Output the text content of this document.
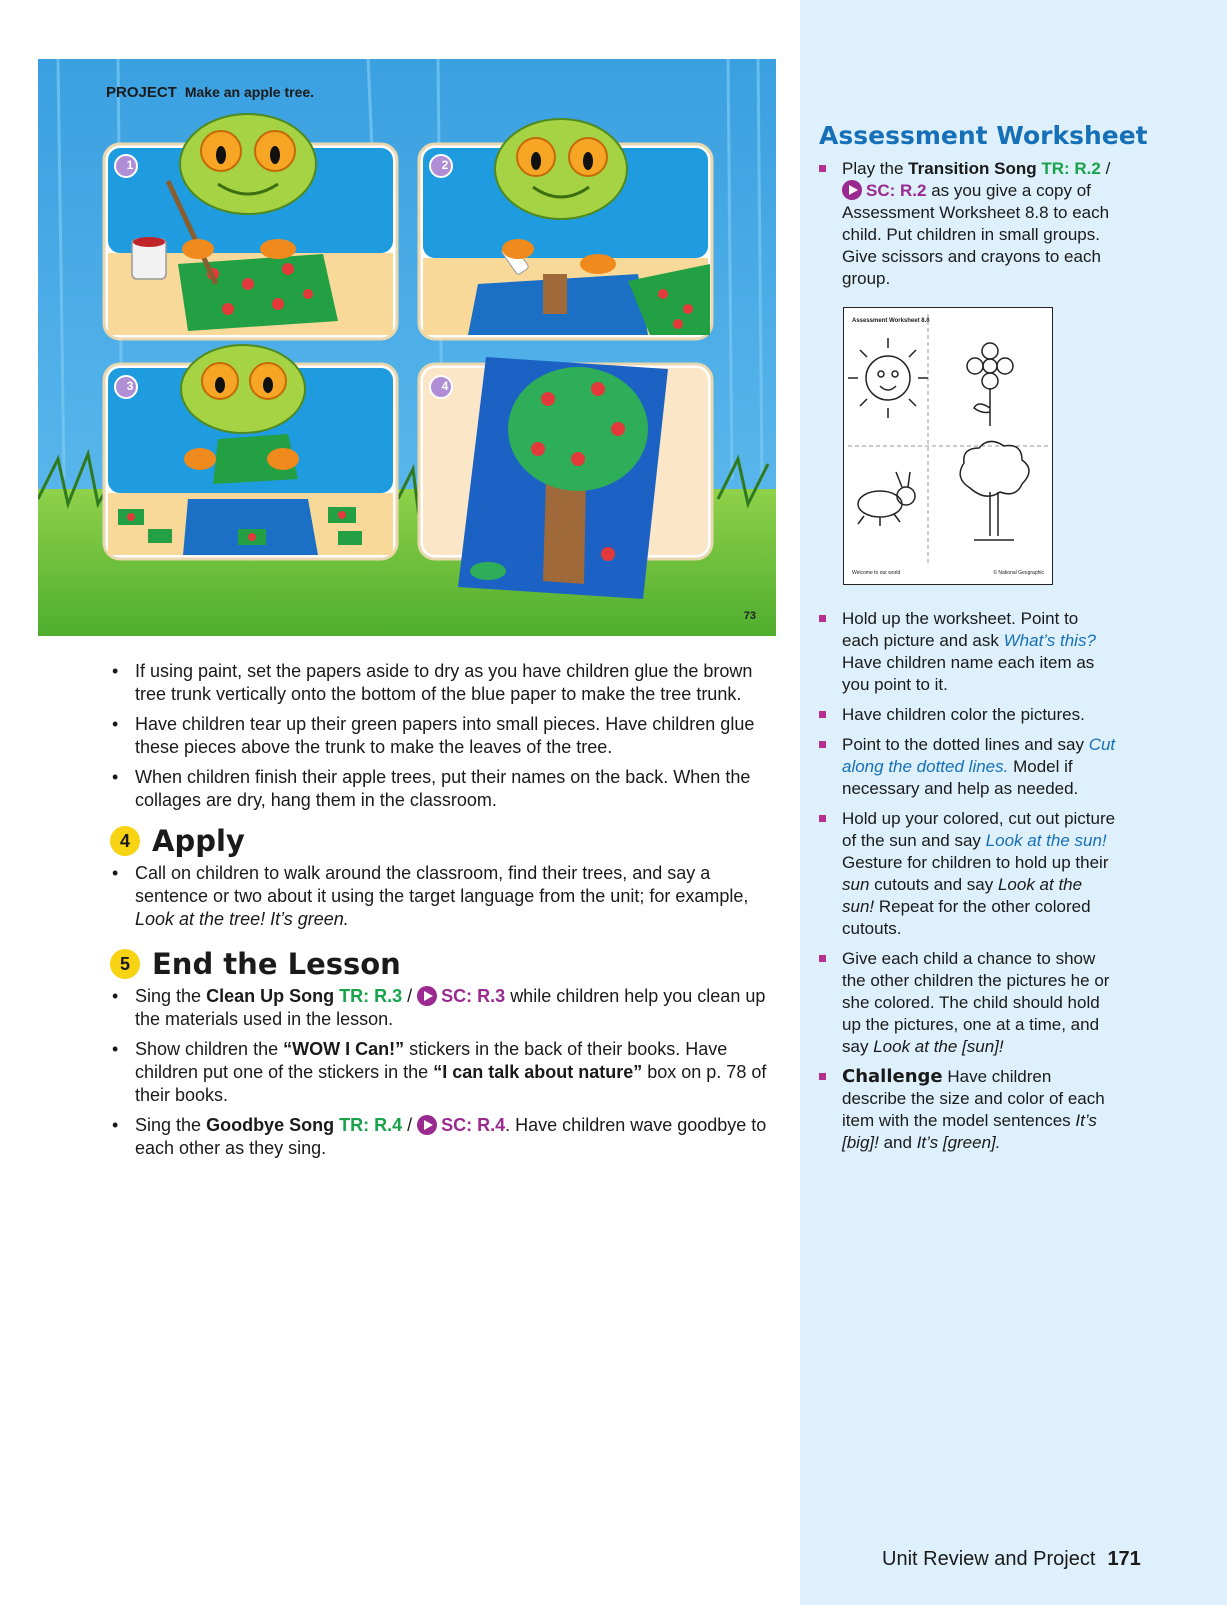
PROJECT Make an apple tree.
1	2
3	4
73
• If using paint, set the papers aside to dry as you have children glue the brown tree trunk vertically onto the bottom of the blue paper to make the tree trunk.
• Have children tear up their green papers into small pieces. Have children glue these pieces above the trunk to make the leaves of the tree.
• When children finish their apple trees, put their names on the back. When the collages are dry, hang them in the classroom.
4 Apply
• Call on children to walk around the classroom, find their trees, and say a sentence or two about it using the target language from the unit; for example, Look at the tree! It’s green.
5 End the Lesson
• Sing the Clean Up Song TR: R.3 / SC: R.3 while children help you clean up the materials used in the lesson.
• Show children the “WOW I Can!” stickers in the back of their books. Have children put one of the stickers in the “I can talk about nature” box on p. 78 of their books.
• Sing the Goodbye Song TR: R.4 / SC: R.4. Have children wave goodbye to each other as they sing.
Assessment Worksheet
Play the Transition Song TR: R.2 / SC: R.2 as you give a copy of Assessment Worksheet 8.8 to each child. Put children in small groups. Give scissors and crayons to each group.
Assessment Worksheet 8.8
Welcome to our world	© National Geographic
Hold up the worksheet. Point to each picture and ask What’s this? Have children name each item as you point to it.
Have children color the pictures.
Point to the dotted lines and say Cut along the dotted lines. Model if necessary and help as needed.
Hold up your colored, cut out picture of the sun and say Look at the sun! Gesture for children to hold up their sun cutouts and say Look at the sun! Repeat for the other colored cutouts.
Give each child a chance to show the other children the pictures he or she colored. The child should hold up the pictures, one at a time, and say Look at the [sun]!
Challenge Have children describe the size and color of each item with the model sentences It’s [big]! and It’s [green].
Unit Review and Project 171
